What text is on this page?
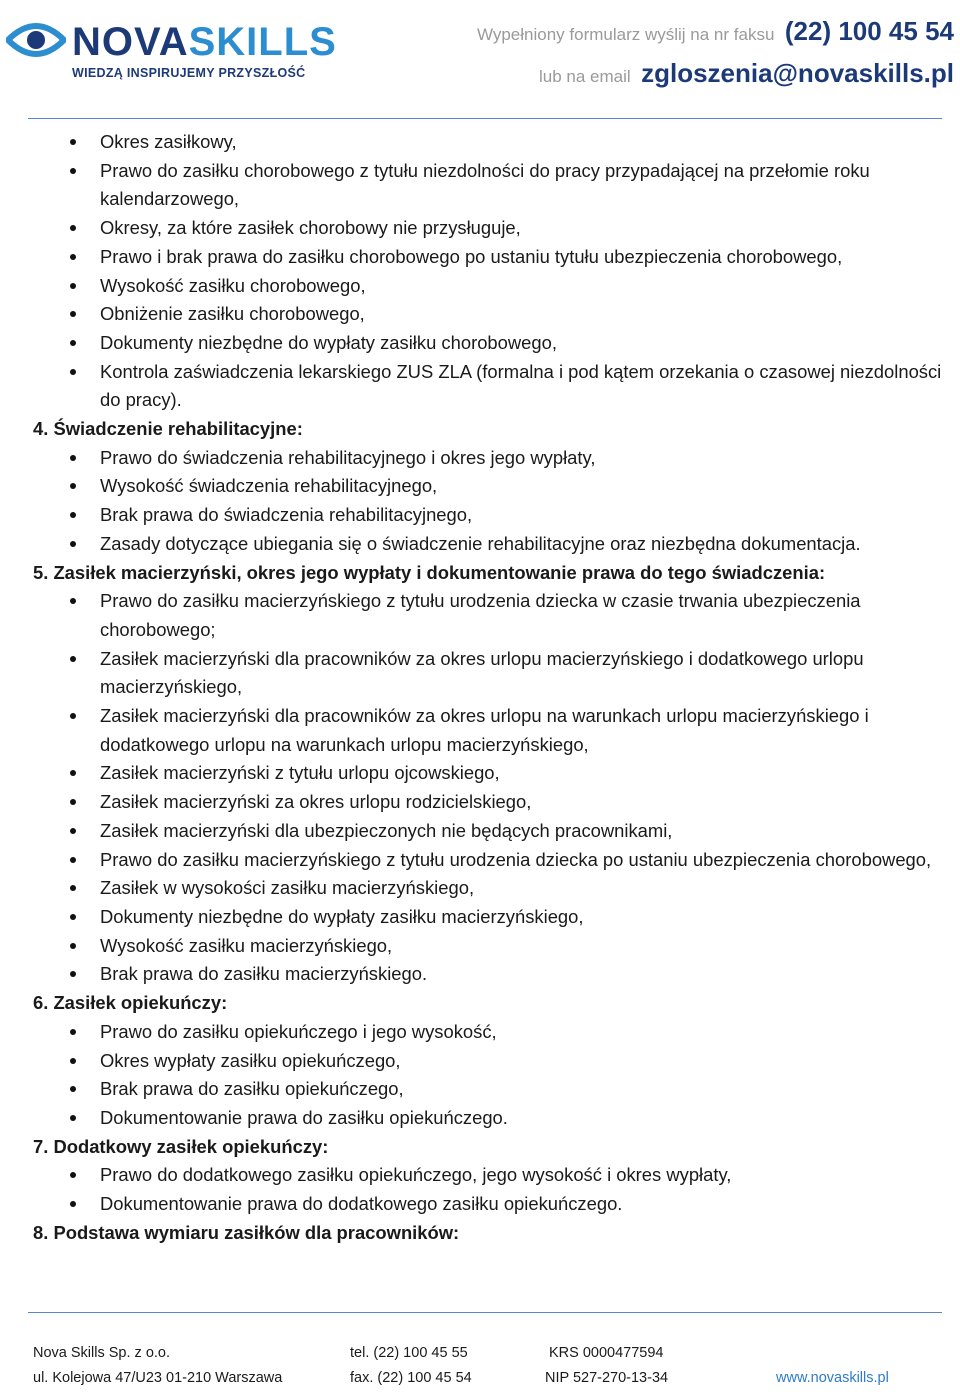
NOVASKILLS
WIEDZĄ INSPIRUJEMY PRZYSZŁOŚĆ
Wypełniony formularz wyślij na nr faksu (22) 100 45 54
lub na email zgloszenia@novaskills.pl
Okres zasiłkowy,
Prawo do zasiłku chorobowego z tytułu niezdolności do pracy przypadającej na przełomie roku kalendarzowego,
Okresy, za które zasiłek chorobowy nie przysługuje,
Prawo i brak prawa do zasiłku chorobowego po ustaniu tytułu ubezpieczenia chorobowego,
Wysokość zasiłku chorobowego,
Obniżenie zasiłku chorobowego,
Dokumenty niezbędne do wypłaty zasiłku chorobowego,
Kontrola zaświadczenia lekarskiego ZUS ZLA (formalna i pod kątem orzekania o czasowej niezdolności do pracy).
4. Świadczenie rehabilitacyjne:
Prawo do świadczenia rehabilitacyjnego i okres jego wypłaty,
Wysokość świadczenia rehabilitacyjnego,
Brak prawa do świadczenia rehabilitacyjnego,
Zasady dotyczące ubiegania się o świadczenie rehabilitacyjne oraz niezbędna dokumentacja.
5. Zasiłek macierzyński, okres jego wypłaty i dokumentowanie prawa do tego świadczenia:
Prawo do zasiłku macierzyńskiego z tytułu urodzenia dziecka w czasie trwania ubezpieczenia chorobowego;
Zasiłek macierzyński dla pracowników za okres urlopu macierzyńskiego i dodatkowego urlopu macierzyńskiego,
Zasiłek macierzyński dla pracowników za okres urlopu na warunkach urlopu macierzyńskiego i dodatkowego urlopu na warunkach urlopu macierzyńskiego,
Zasiłek macierzyński z tytułu urlopu ojcowskiego,
Zasiłek macierzyński za okres urlopu rodzicielskiego,
Zasiłek macierzyński dla ubezpieczonych nie będących pracownikami,
Prawo do zasiłku macierzyńskiego z tytułu urodzenia dziecka po ustaniu ubezpieczenia chorobowego,
Zasiłek w wysokości zasiłku macierzyńskiego,
Dokumenty niezbędne do wypłaty zasiłku macierzyńskiego,
Wysokość zasiłku macierzyńskiego,
Brak prawa do zasiłku macierzyńskiego.
6. Zasiłek opiekuńczy:
Prawo do zasiłku opiekuńczego i jego wysokość,
Okres wypłaty zasiłku opiekuńczego,
Brak prawa do zasiłku opiekuńczego,
Dokumentowanie prawa do zasiłku opiekuńczego.
7. Dodatkowy zasiłek opiekuńczy:
Prawo do dodatkowego zasiłku opiekuńczego, jego wysokość i okres wypłaty,
Dokumentowanie prawa do dodatkowego zasiłku opiekuńczego.
8. Podstawa wymiaru zasiłków dla pracowników:
Nova Skills Sp. z o.o.	tel. (22) 100 45 55	KRS 0000477594
ul. Kolejowa 47/U23 01-210 Warszawa	fax. (22) 100 45 54	NIP 527-270-13-34	www.novaskills.pl
